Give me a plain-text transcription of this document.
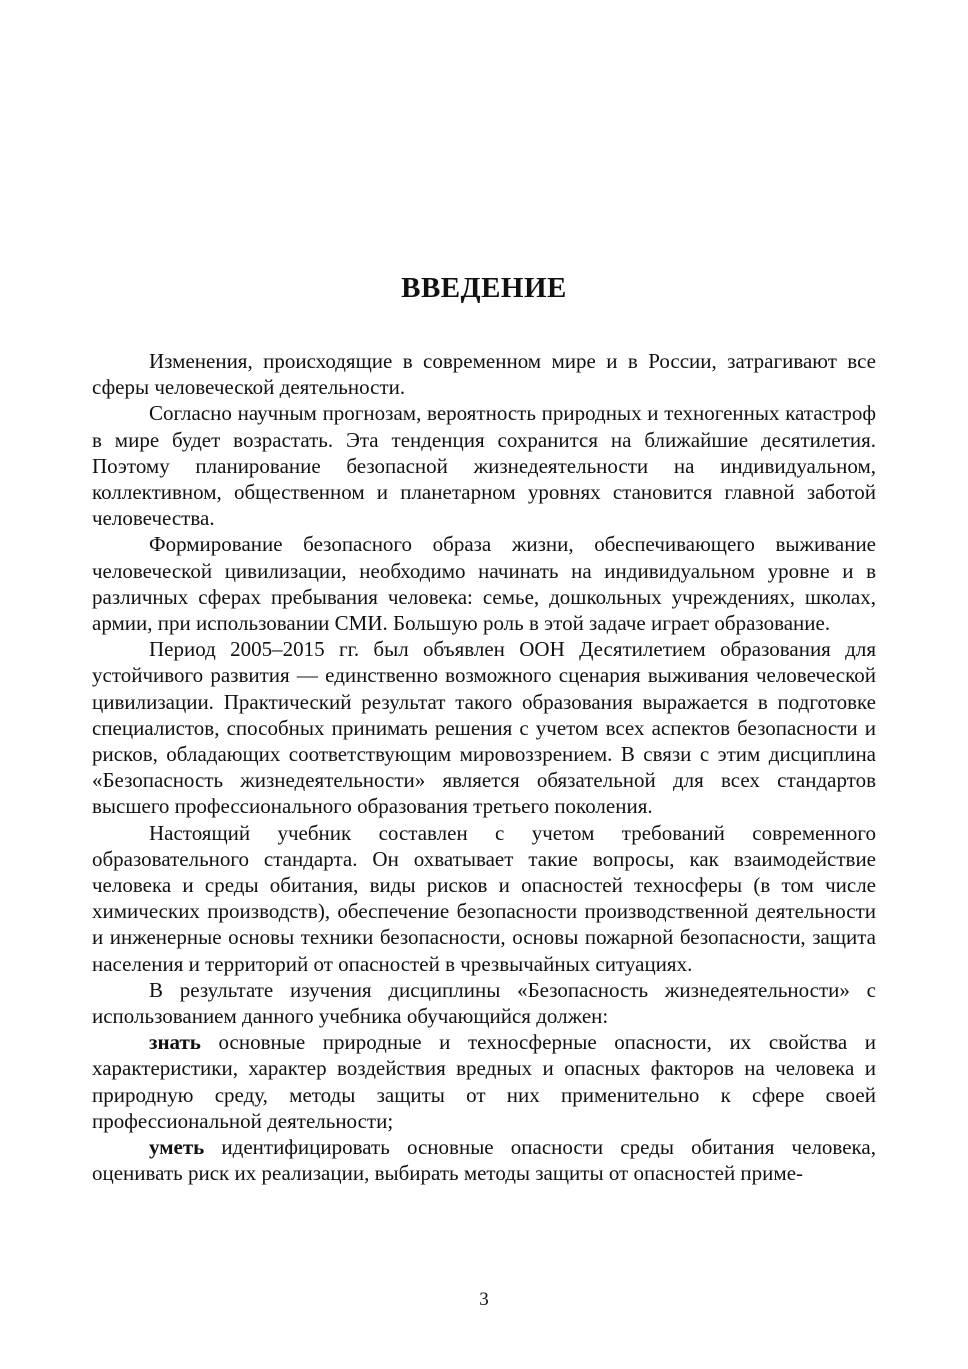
ВВЕДЕНИЕ

Изменения, происходящие в современном мире и в России, затрагивают все сферы человеческой деятельности.

Согласно научным прогнозам, вероятность природных и техногенных катастроф в мире будет возрастать. Эта тенденция сохранится на ближайшие десятилетия. Поэтому планирование безопасной жизнедеятельности на индивидуальном, коллективном, общественном и планетарном уровнях становится главной заботой человечества.

Формирование безопасного образа жизни, обеспечивающего выживание человеческой цивилизации, необходимо начинать на индивидуальном уровне и в различных сферах пребывания человека: семье, дошкольных учреждениях, школах, армии, при использовании СМИ. Большую роль в этой задаче играет образование.

Период 2005–2015 гг. был объявлен ООН Десятилетием образования для устойчивого развития — единственно возможного сценария выживания человеческой цивилизации. Практический результат такого образования выражается в подготовке специалистов, способных принимать решения с учетом всех аспектов безопасности и рисков, обладающих соответствующим мировоззрением. В связи с этим дисциплина «Безопасность жизнедеятельности» является обязательной для всех стандартов высшего профессионального образования третьего поколения.

Настоящий учебник составлен с учетом требований современного образовательного стандарта. Он охватывает такие вопросы, как взаимодействие человека и среды обитания, виды рисков и опасностей техносферы (в том числе химических производств), обеспечение безопасности производственной деятельности и инженерные основы техники безопасности, основы пожарной безопасности, защита населения и территорий от опасностей в чрезвычайных ситуациях.

В результате изучения дисциплины «Безопасность жизнедеятельности» с использованием данного учебника обучающийся должен:

знать основные природные и техносферные опасности, их свойства и характеристики, характер воздействия вредных и опасных факторов на человека и природную среду, методы защиты от них применительно к сфере своей профессиональной деятельности;

уметь идентифицировать основные опасности среды обитания человека, оценивать риск их реализации, выбирать методы защиты от опасностей приме-

3
